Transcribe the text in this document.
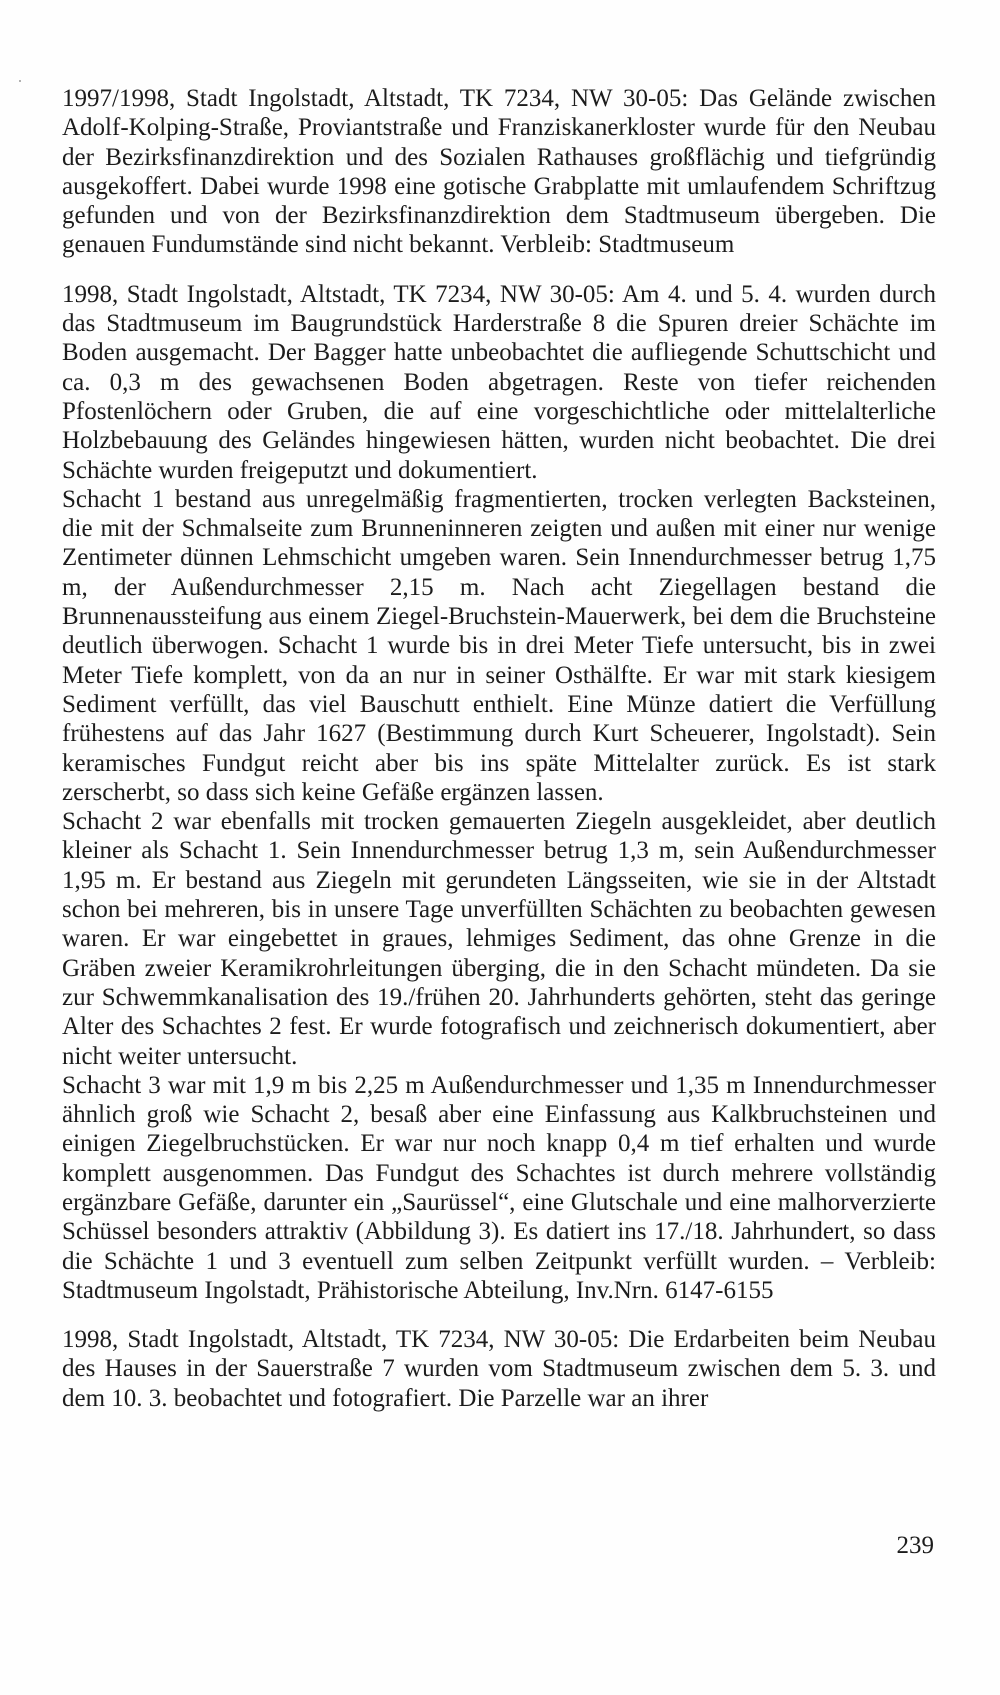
1997/1998, Stadt Ingolstadt, Altstadt, TK 7234, NW 30-05: Das Gelände zwischen Adolf-Kolping-Straße, Proviantstraße und Franziskanerkloster wurde für den Neubau der Bezirksfinanzdirektion und des Sozialen Rathauses großflächig und tiefgründig ausgekoffert. Dabei wurde 1998 eine gotische Grabplatte mit umlaufendem Schriftzug gefunden und von der Bezirksfinanzdirektion dem Stadtmuseum übergeben. Die genauen Fundumstände sind nicht bekannt. Verbleib: Stadtmuseum

1998, Stadt Ingolstadt, Altstadt, TK 7234, NW 30-05: Am 4. und 5. 4. wurden durch das Stadtmuseum im Baugrundstück Harderstraße 8 die Spuren dreier Schächte im Boden ausgemacht. Der Bagger hatte unbeobachtet die aufliegende Schuttschicht und ca. 0,3 m des gewachsenen Boden abgetragen. Reste von tiefer reichenden Pfostenlöchern oder Gruben, die auf eine vorgeschichtliche oder mittelalterliche Holzbebauung des Geländes hingewiesen hätten, wurden nicht beobachtet. Die drei Schächte wurden freigeputzt und dokumentiert.

Schacht 1 bestand aus unregelmäßig fragmentierten, trocken verlegten Backsteinen, die mit der Schmalseite zum Brunneninneren zeigten und außen mit einer nur wenige Zentimeter dünnen Lehmschicht umgeben waren. Sein Innendurchmesser betrug 1,75 m, der Außendurchmesser 2,15 m. Nach acht Ziegellagen bestand die Brunnenaussteifung aus einem Ziegel-Bruchstein-Mauerwerk, bei dem die Bruchsteine deutlich überwogen. Schacht 1 wurde bis in drei Meter Tiefe untersucht, bis in zwei Meter Tiefe komplett, von da an nur in seiner Osthälfte. Er war mit stark kiesigem Sediment verfüllt, das viel Bauschutt enthielt. Eine Münze datiert die Verfüllung frühestens auf das Jahr 1627 (Bestimmung durch Kurt Scheuerer, Ingolstadt). Sein keramisches Fundgut reicht aber bis ins späte Mittelalter zurück. Es ist stark zerscherbt, so dass sich keine Gefäße ergänzen lassen.

Schacht 2 war ebenfalls mit trocken gemauerten Ziegeln ausgekleidet, aber deutlich kleiner als Schacht 1. Sein Innendurchmesser betrug 1,3 m, sein Außendurchmesser 1,95 m. Er bestand aus Ziegeln mit gerundeten Längsseiten, wie sie in der Altstadt schon bei mehreren, bis in unsere Tage unverfüllten Schächten zu beobachten gewesen waren. Er war eingebettet in graues, lehmiges Sediment, das ohne Grenze in die Gräben zweier Keramikrohrleitungen überging, die in den Schacht mündeten. Da sie zur Schwemmkanalisation des 19./frühen 20. Jahrhunderts gehörten, steht das geringe Alter des Schachtes 2 fest. Er wurde fotografisch und zeichnerisch dokumentiert, aber nicht weiter untersucht.

Schacht 3 war mit 1,9 m bis 2,25 m Außendurchmesser und 1,35 m Innendurchmesser ähnlich groß wie Schacht 2, besaß aber eine Einfassung aus Kalkbruchsteinen und einigen Ziegelbruchstücken. Er war nur noch knapp 0,4 m tief erhalten und wurde komplett ausgenommen. Das Fundgut des Schachtes ist durch mehrere vollständig ergänzbare Gefäße, darunter ein „Saurüssel“, eine Glutschale und eine malhorverzierte Schüssel besonders attraktiv (Abbildung 3). Es datiert ins 17./18. Jahrhundert, so dass die Schächte 1 und 3 eventuell zum selben Zeitpunkt verfüllt wurden. – Verbleib: Stadtmuseum Ingolstadt, Prähistorische Abteilung, Inv.Nrn. 6147-6155

1998, Stadt Ingolstadt, Altstadt, TK 7234, NW 30-05: Die Erdarbeiten beim Neubau des Hauses in der Sauerstraße 7 wurden vom Stadtmuseum zwischen dem 5. 3. und dem 10. 3. beobachtet und fotografiert. Die Parzelle war an ihrer

239
